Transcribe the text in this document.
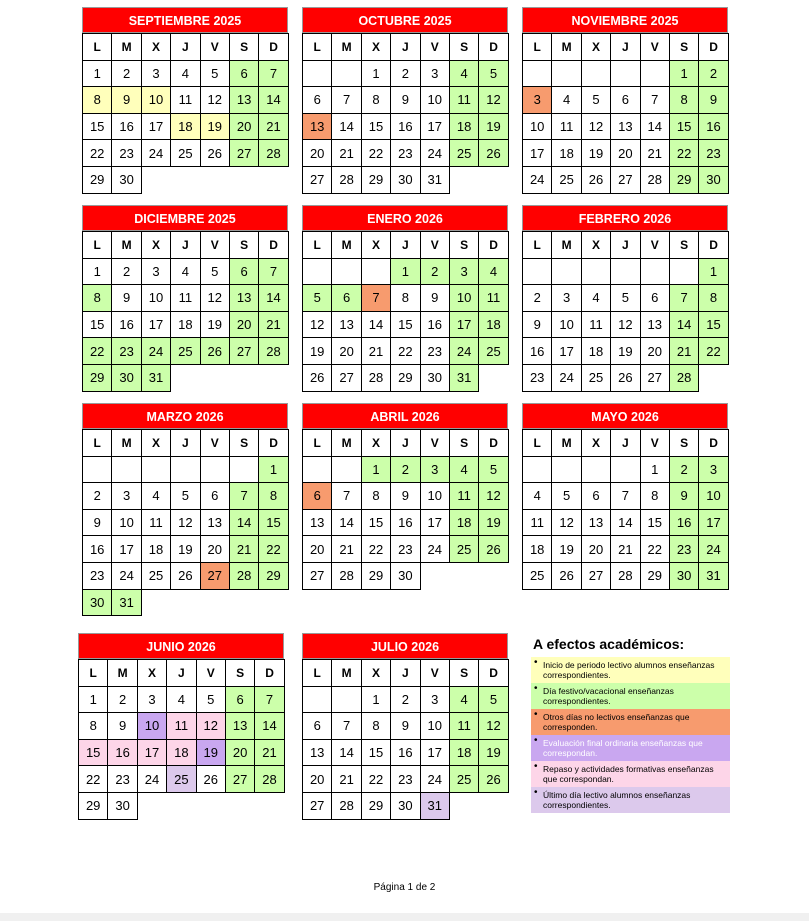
SEPTIEMBRE 2025
L	M	X	J	V	S	D
1	2	3	4	5	6	7
8	9	10	11	12	13	14
15	16	17	18	19	20	21
22	23	24	25	26	27	28
29	30					
OCTUBRE 2025
L	M	X	J	V	S	D
		1	2	3	4	5
6	7	8	9	10	11	12
13	14	15	16	17	18	19
20	21	22	23	24	25	26
27	28	29	30	31		
NOVIEMBRE 2025
L	M	X	J	V	S	D
					1	2
3	4	5	6	7	8	9
10	11	12	13	14	15	16
17	18	19	20	21	22	23
24	25	26	27	28	29	30
DICIEMBRE 2025
L	M	X	J	V	S	D
1	2	3	4	5	6	7
8	9	10	11	12	13	14
15	16	17	18	19	20	21
22	23	24	25	26	27	28
29	30	31				
ENERO 2026
L	M	X	J	V	S	D
			1	2	3	4
5	6	7	8	9	10	11
12	13	14	15	16	17	18
19	20	21	22	23	24	25
26	27	28	29	30	31	
FEBRERO 2026
L	M	X	J	V	S	D
						1
2	3	4	5	6	7	8
9	10	11	12	13	14	15
16	17	18	19	20	21	22
23	24	25	26	27	28	
MARZO 2026
L	M	X	J	V	S	D
						1
2	3	4	5	6	7	8
9	10	11	12	13	14	15
16	17	18	19	20	21	22
23	24	25	26	27	28	29
30	31					
ABRIL 2026
L	M	X	J	V	S	D
		1	2	3	4	5
6	7	8	9	10	11	12
13	14	15	16	17	18	19
20	21	22	23	24	25	26
27	28	29	30			
MAYO 2026
L	M	X	J	V	S	D
				1	2	3
4	5	6	7	8	9	10
11	12	13	14	15	16	17
18	19	20	21	22	23	24
25	26	27	28	29	30	31
JUNIO 2026
L	M	X	J	V	S	D
1	2	3	4	5	6	7
8	9	10	11	12	13	14
15	16	17	18	19	20	21
22	23	24	25	26	27	28
29	30					
JULIO 2026
L	M	X	J	V	S	D
		1	2	3	4	5
6	7	8	9	10	11	12
13	14	15	16	17	18	19
20	21	22	23	24	25	26
27	28	29	30	31		
A efectos académicos:
• Inicio de periodo lectivo alumnos enseñanzas correspondientes.
• Día festivo/vacacional enseñanzas correspondientes.
• Otros días no lectivos enseñanzas que corresponden.
• Evaluación final ordinaria enseñanzas que correspondan.
• Repaso y actividades formativas enseñanzas que correspondan.
• Último día lectivo alumnos enseñanzas correspondientes.
Página 1 de 2
